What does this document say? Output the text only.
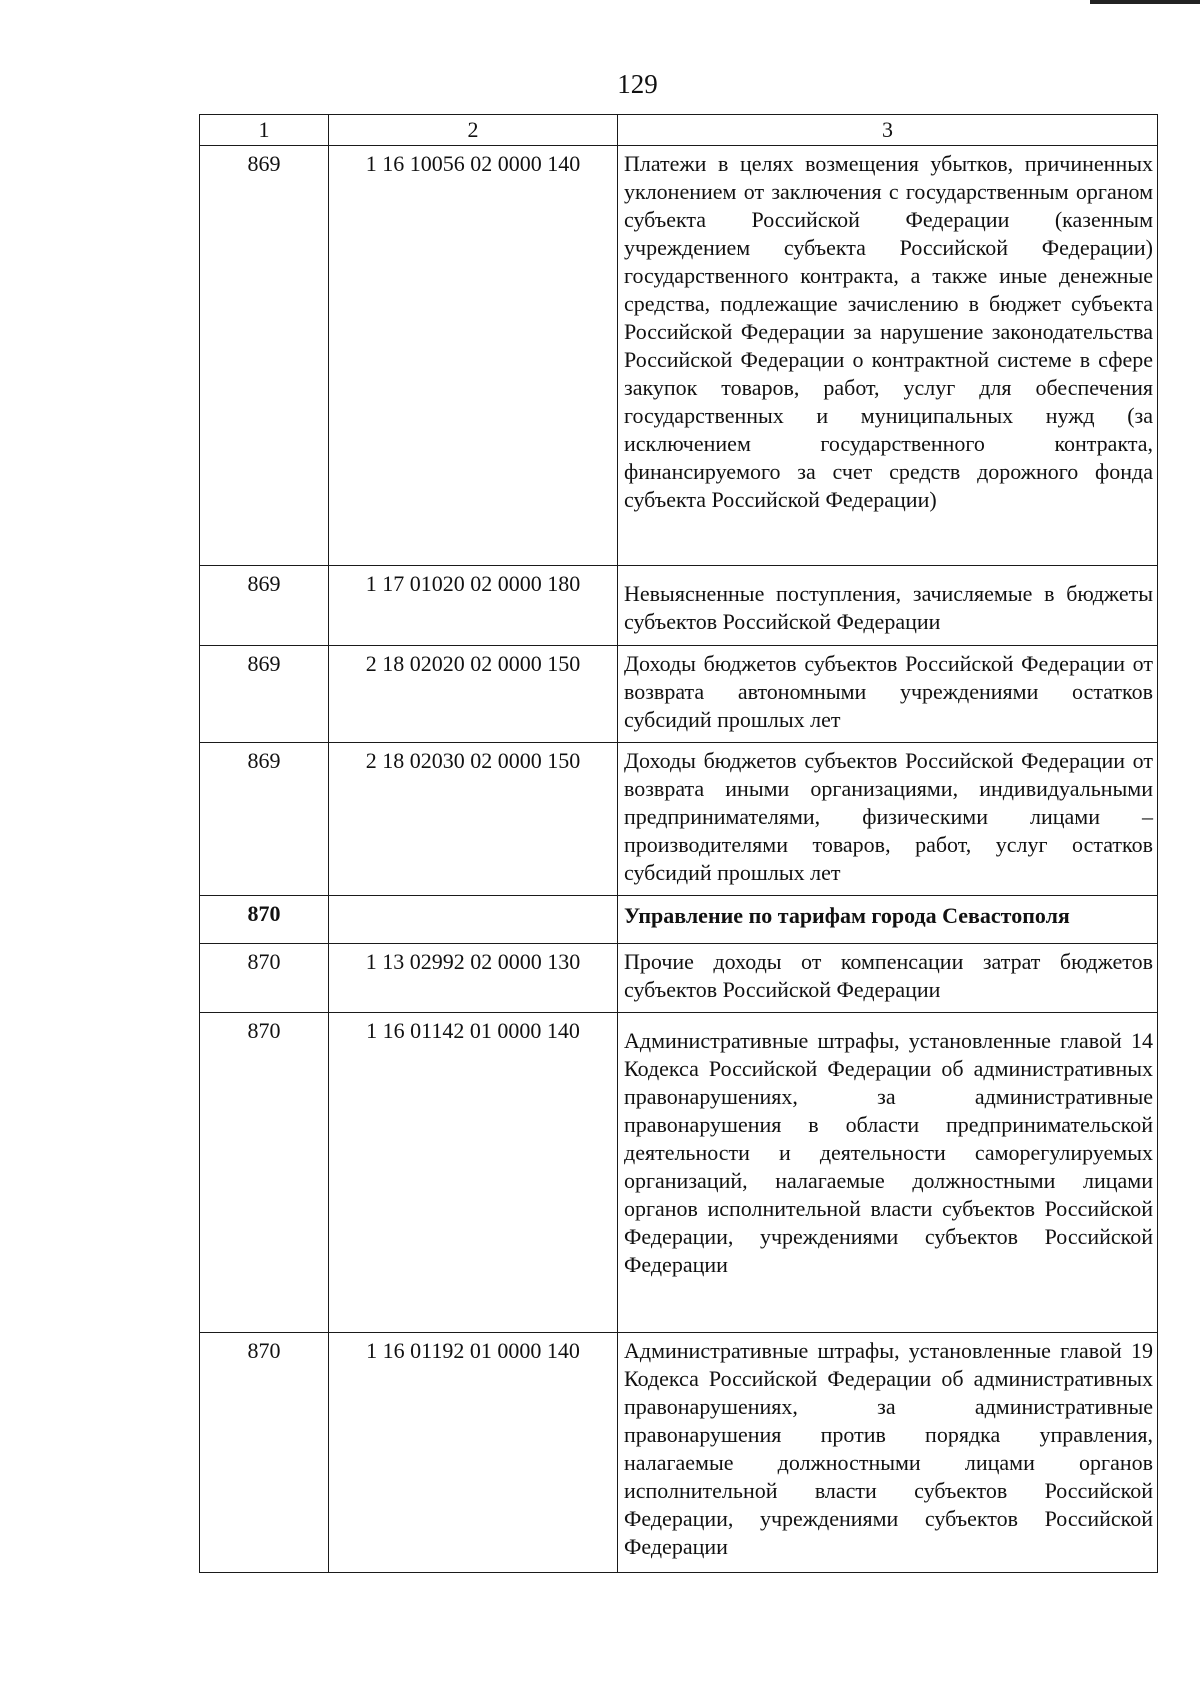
129
1	2	3
869	1 16 10056 02 0000 140	Платежи в целях возмещения убытков, причиненных уклонением от заключения с государственным органом субъекта Российской Федерации (казенным учреждением субъекта Российской Федерации) государственного контракта, а также иные денежные средства, подлежащие зачислению в бюджет субъекта Российской Федерации за нарушение законодательства Российской Федерации о контрактной системе в сфере закупок товаров, работ, услуг для обеспечения государственных и муниципальных нужд (за исключением государственного контракта, финансируемого за счет средств дорожного фонда субъекта Российской Федерации)
869	1 17 01020 02 0000 180	Невыясненные поступления, зачисляемые в бюджеты субъектов Российской Федерации
869	2 18 02020 02 0000 150	Доходы бюджетов субъектов Российской Федерации от возврата автономными учреждениями остатков субсидий прошлых лет
869	2 18 02030 02 0000 150	Доходы бюджетов субъектов Российской Федерации от возврата иными организациями, индивидуальными предпринимателями, физическими лицами – производителями товаров, работ, услуг остатков субсидий прошлых лет
870		Управление по тарифам города Севастополя
870	1 13 02992 02 0000 130	Прочие доходы от компенсации затрат бюджетов субъектов Российской Федерации
870	1 16 01142 01 0000 140	Административные штрафы, установленные главой 14 Кодекса Российской Федерации об административных правонарушениях, за административные правонарушения в области предпринимательской деятельности и деятельности саморегулируемых организаций, налагаемые должностными лицами органов исполнительной власти субъектов Российской Федерации, учреждениями субъектов Российской Федерации
870	1 16 01192 01 0000 140	Административные штрафы, установленные главой 19 Кодекса Российской Федерации об административных правонарушениях, за административные правонарушения против порядка управления, налагаемые должностными лицами органов исполнительной власти субъектов Российской Федерации, учреждениями субъектов Российской Федерации
